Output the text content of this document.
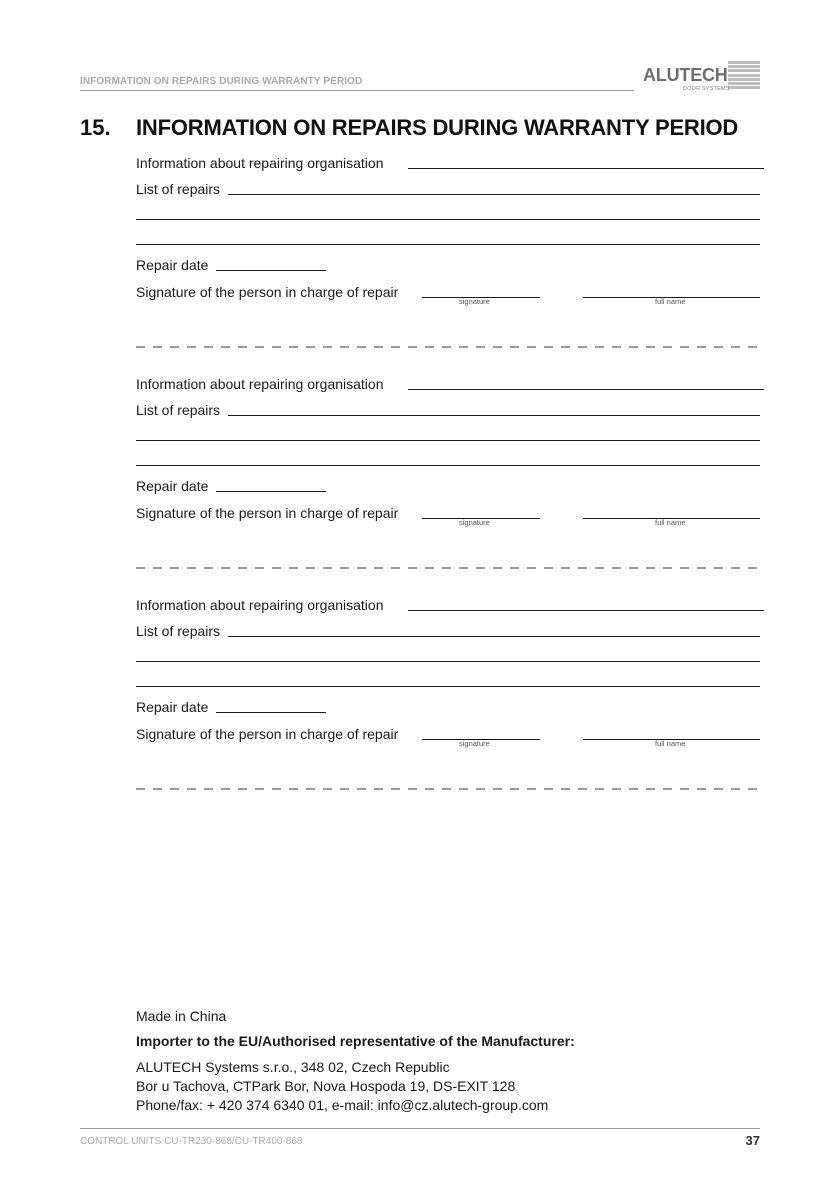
INFORMATION ON REPAIRS DURING WARRANTY PERIOD	ALUTECH
DOOR SYSTEMS
15. INFORMATION ON REPAIRS DURING WARRANTY PERIOD
Information about repairing organisation
List of repairs
Repair date
Signature of the person in charge of repair
signature	full name
Information about repairing organisation
List of repairs
Repair date
Signature of the person in charge of repair
signature	full name
Information about repairing organisation
List of repairs
Repair date
Signature of the person in charge of repair
signature	full name
Made in China
Importer to the EU/Authorised representative of the Manufacturer:
ALUTECH Systems s.r.o., 348 02, Czech Republic
Bor u Tachova, CTPark Bor, Nova Hospoda 19, DS-EXIT 128
Phone/fax: + 420 374 6340 01, e-mail: info@cz.alutech-group.com
CONTROL UNITS CU-TR230-868/CU-TR400-868	37
